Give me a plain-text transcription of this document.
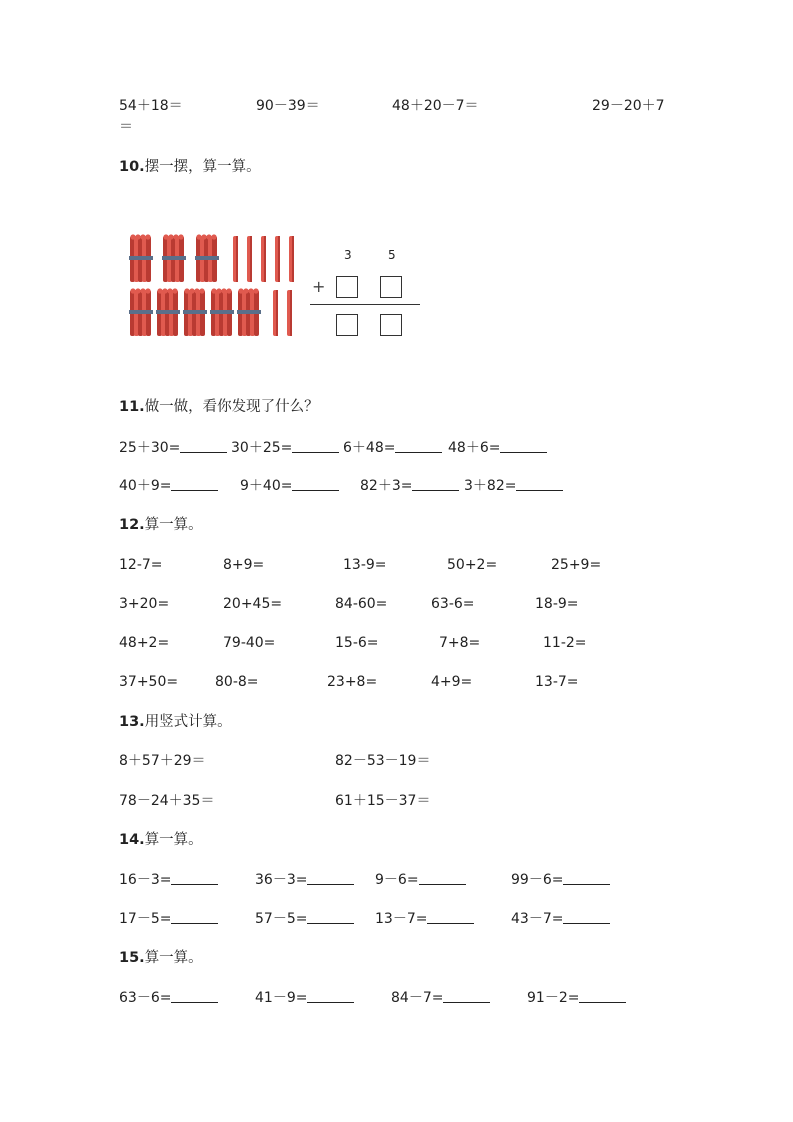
54＋18＝	90－39＝	48＋20－7＝	29－20＋7
＝
10.摆一摆，算一算。
3	5
+
11.做一做，看你发现了什么？
25＋30=	30＋25=	6＋48=	48＋6=
40＋9=	9＋40=	82＋3=	3＋82=
12.算一算。
12-7=	8+9=	13-9=	50+2=	25+9=
3+20=	20+45=	84-60=	63-6=	18-9=
48+2=	79-40=	15-6=	7+8=	11-2=
37+50=	80-8=	23+8=	4+9=	13-7=
13.用竖式计算。
8＋57＋29＝	82－53－19＝
78－24＋35＝	61＋15－37＝
14.算一算。
16－3=	36－3=	9－6=	99－6=
17－5=	57－5=	13－7=	43－7=
15.算一算。
63－6=	41－9=	84－7=	91－2=
